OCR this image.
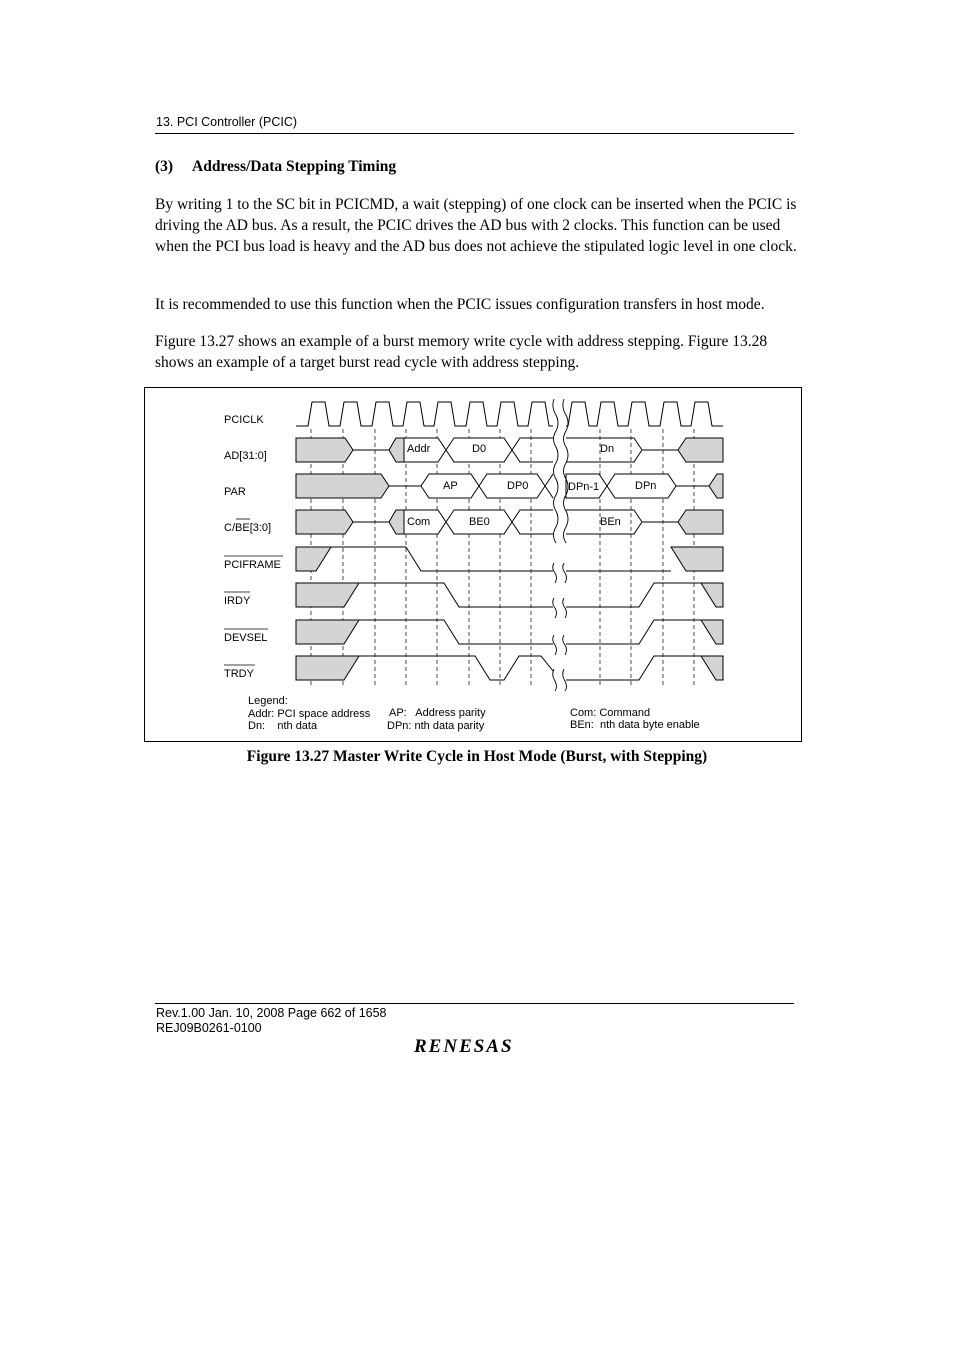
13. PCI Controller (PCIC)
(3) Address/Data Stepping Timing

By writing 1 to the SC bit in PCICMD, a wait (stepping) of one clock can be inserted when the PCIC is driving the AD bus. As a result, the PCIC drives the AD bus with 2 clocks. This function can be used when the PCI bus load is heavy and the AD bus does not achieve the stipulated logic level in one clock.

It is recommended to use this function when the PCIC issues configuration transfers in host mode.

Figure 13.27 shows an example of a burst memory write cycle with address stepping. Figure 13.28 shows an example of a target burst read cycle with address stepping.

PCICLK
AD[31:0]
PAR
C/BE[3:0]
PCIFRAME
IRDY
DEVSEL
TRDY
Addr	D0	Dn
AP	DP0	DPn-1	DPn
Com	BE0	BEn
Legend:
Addr: PCI space address
Dn:    nth data
AP:   Address parity
DPn: nth data parity
Com: Command
BEn:  nth data byte enable
Figure 13.27 Master Write Cycle in Host Mode (Burst, with Stepping)
Rev.1.00 Jan. 10, 2008 Page 662 of 1658
REJ09B0261-0100
RENESAS
